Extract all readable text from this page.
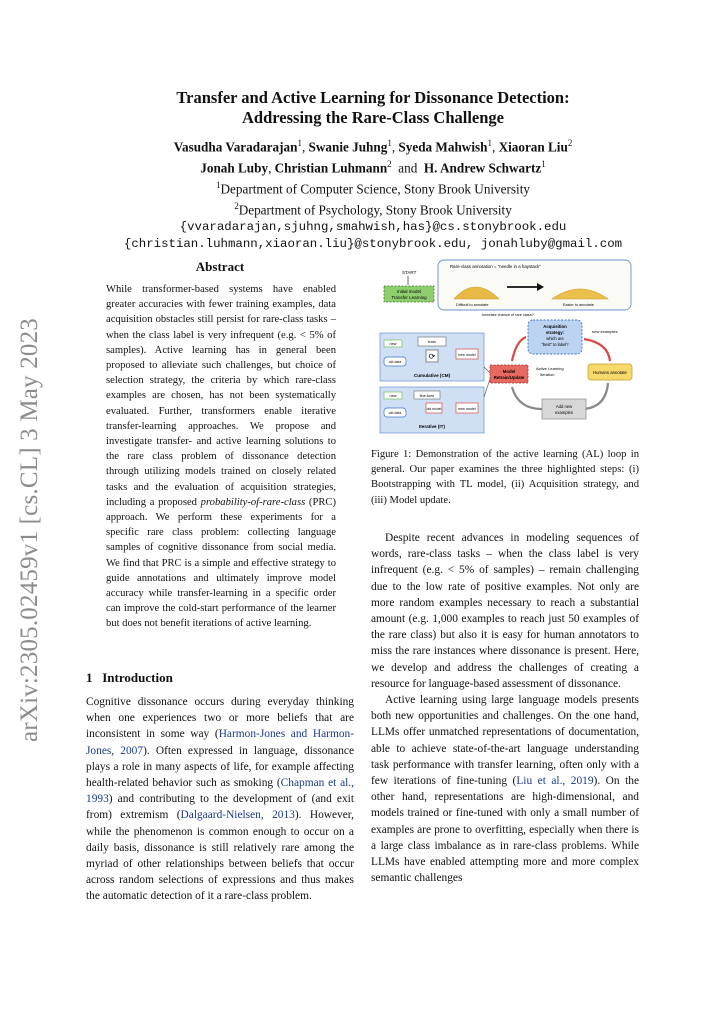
arXiv:2305.02459v1 [cs.CL] 3 May 2023
Transfer and Active Learning for Dissonance Detection:
Addressing the Rare-Class Challenge
Vasudha Varadarajan$^1$, Swanie Juhng$^1$, Syeda Mahwish$^1$, Xiaoran Liu$^2$
Jonah Luby, Christian Luhmann$^2$ and H. Andrew Schwartz$^1$
$^1$Department of Computer Science, Stony Brook University
$^2$Department of Psychology, Stony Brook University
{vvaradarajan,sjuhng,smahwish,has}@cs.stonybrook.edu
{christian.luhmann,xiaoran.liu}@stonybrook.edu, jonahluby@gmail.com
Abstract
While transformer-based systems have enabled greater accuracies with fewer training examples, data acquisition obstacles still persist for rare-class tasks – when the class label is very infrequent (e.g. < 5% of samples). Active learning has in general been proposed to alleviate such challenges, but choice of selection strategy, the criteria by which rare-class examples are chosen, has not been systematically evaluated. Further, transformers enable iterative transfer-learning approaches. We propose and investigate transfer- and active learning solutions to the rare class problem of dissonance detection through utilizing models trained on closely related tasks and the evaluation of acquisition strategies, including a proposed probability-of-rare-class (PRC) approach. We perform these experiments for a specific rare class problem: collecting language samples of cognitive dissonance from social media. We find that PRC is a simple and effective strategy to guide annotations and ultimately improve model accuracy while transfer-learning in a specific order can improve the cold-start performance of the learner but does not benefit iterations of active learning.
1 Introduction

Cognitive dissonance occurs during everyday thinking when one experiences two or more beliefs that are inconsistent in some way (Harmon-Jones and Harmon-Jones, 2007). Often expressed in language, dissonance plays a role in many aspects of life, for example affecting health-related behavior such as smoking (Chapman et al., 1993) and contributing to the development of (and exit from) extremism (Dalgaard-Nielsen, 2013). However, while the phenomenon is common enough to occur on a daily basis, dissonance is still relatively rare among the myriad of other relationships between beliefs that occur across random selections of expressions and thus makes the automatic detection of it a rare-class problem.

START
Initial model
Transfer Learning
Rare-class annotation = “needle in a haystack”
Difficult to annotate	Easier to annotate
Increase chance of rare class?
Acquisition
strategy:
which are
“best” to label?
new examples
Humans annotate
Active Learning
Iteration
Model
Retrain/Update
Add new
examples
new	train
old data
⟳	new model
Cumulative (CM)
new	fine-tune
old data
old model	new model
Iterative (IT)
Figure 1: Demonstration of the active learning (AL) loop in general. Our paper examines the three highlighted steps: (i) Bootstrapping with TL model, (ii) Acquisition strategy, and (iii) Model update.

Despite recent advances in modeling sequences of words, rare-class tasks – when the class label is very infrequent (e.g. < 5% of samples) – remain challenging due to the low rate of positive examples. Not only are more random examples necessary to reach a substantial amount (e.g. 1,000 examples to reach just 50 examples of the rare class) but also it is easy for human annotators to miss the rare instances where dissonance is present. Here, we develop and address the challenges of creating a resource for language-based assessment of dissonance.

Active learning using large language models presents both new opportunities and challenges. On the one hand, LLMs offer unmatched representations of documentation, able to achieve state-of-the-art language understanding task performance with transfer learning, often only with a few iterations of fine-tuning (Liu et al., 2019). On the other hand, representations are high-dimensional, and models trained or fine-tuned with only a small number of examples are prone to overfitting, especially when there is a large class imbalance as in rare-class problems. While LLMs have enabled attempting more and more complex semantic challenges
